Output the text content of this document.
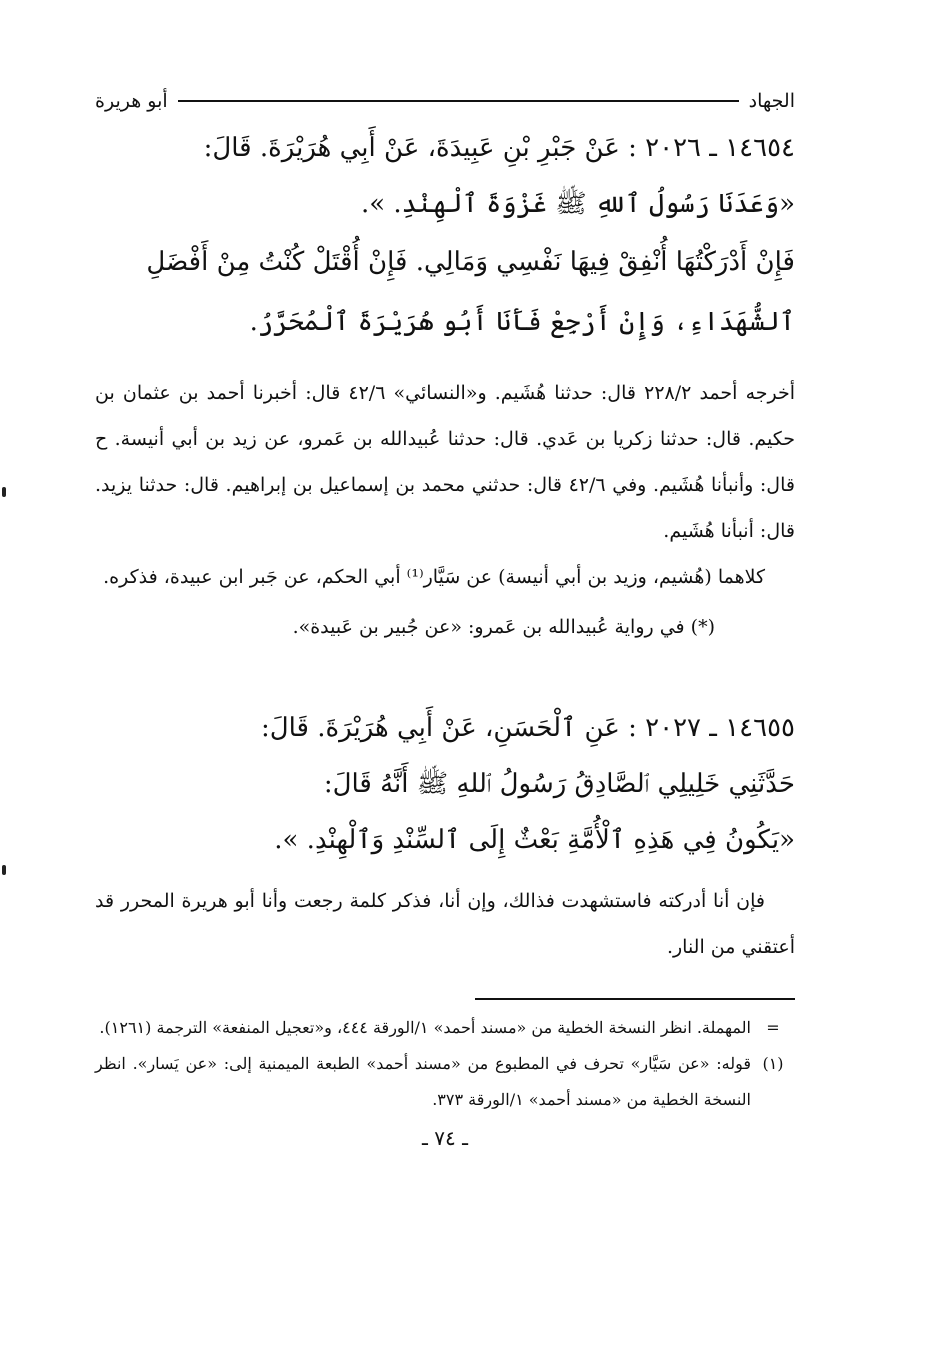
الجهاد
أبو هريرة
١٤٦٥٤ ـ ٢٠٢٦ : عَنْ جَبْرِ بْنِ عَبِيدَةَ، عَنْ أَبِي هُرَيْرَةَ. قَالَ:
«وَعَدَنَا رَسُولُ ٱللهِ ﷺ غَزْوَةَ ٱلْهِنْدِ. ».
فَإِنْ أَدْرَكْتُهَا أُنْفِقْ فِيهَا نَفْسِي وَمَالِي. فَإِنْ أُقْتَلْ كُنْتُ مِنْ أَفْضَلِ
ٱلشُّهَدَاءِ، وَإِنْ أَرْجِعْ فَأَنَا أَبُو هُرَيْرَةَ ٱلْمُحَرَّرُ.
أخرجه أحمد ٢٢٨/٢ قال: حدثنا هُشَيم. و«النسائي» ٤٢/٦ قال: أخبرنا أحمد بن عثمان بن حكيم. قال: حدثنا زكريا بن عَدي. قال: حدثنا عُبيدالله بن عَمرو، عن زيد بن أبي أنيسة. ح قال: وأنبأنا هُشَيم. وفي ٤٢/٦ قال: حدثني محمد بن إسماعيل بن إبراهيم. قال: حدثنا يزيد. قال: أنبأنا هُشَيم.
كلاهما (هُشيم، وزيد بن أبي أنيسة) عن سَيَّار⁽¹⁾ أبي الحكم، عن جَبر ابن عبيدة، فذكره.
(*) في رواية عُبيدالله بن عَمرو: «عن جُبير بن عَبيدة».
١٤٦٥٥ ـ ٢٠٢٧ : عَنِ ٱلْحَسَنِ، عَنْ أَبِي هُرَيْرَةَ. قَالَ:
حَدَّثَنِي خَلِيلِي ٱلصَّادِقُ رَسُولُ ٱللهِ ﷺ أَنَّهُ قَالَ:
«يَكُونُ فِي هَذِهِ ٱلْأُمَّةِ بَعْثٌ إِلَى ٱلسِّنْدِ وَٱلْهِنْدِ. ».
فإن أنا أدركته فاستشهدت فذالك، وإن أنا، فذكر كلمة رجعت وأنا أبو هريرة المحرر قد أعتقني من النار.
=
المهملة. انظر النسخة الخطية من «مسند أحمد» ١/الورقة ٤٤٤، و«تعجيل المنفعة» الترجمة (١٢٦١).
(١)
قوله: «عن سَيَّار» تحرف في المطبوع من «مسند أحمد» الطبعة الميمنية إلى: «عن يَسار». انظر النسخة الخطية من «مسند أحمد» ١/الورقة ٣٧٣.
ـ ٧٤ ـ
